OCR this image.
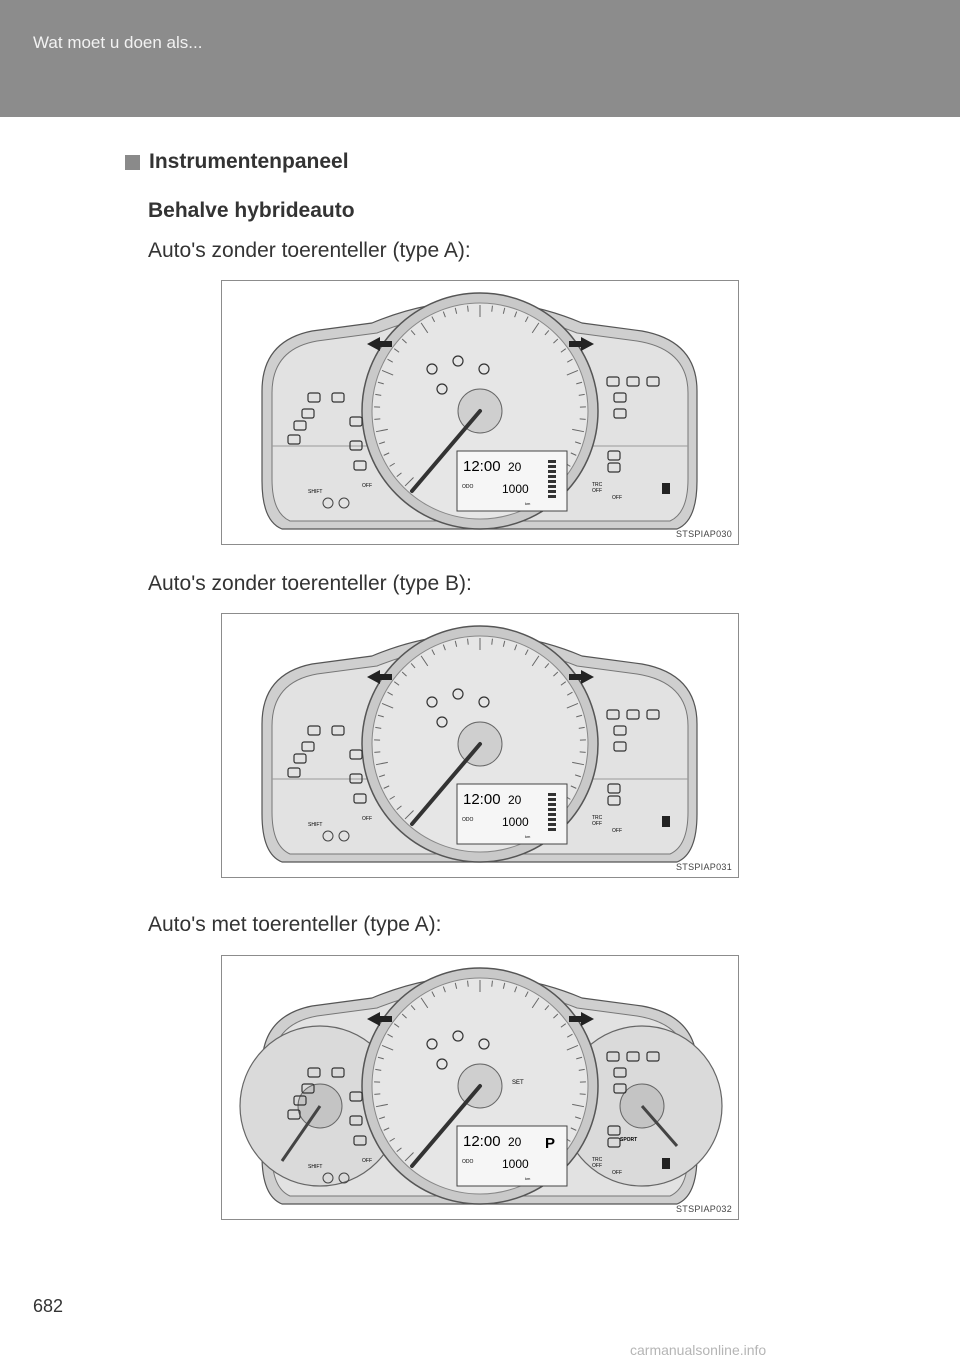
Wat moet u doen als...
Instrumentenpaneel
Behalve hybrideauto
Auto's zonder toerenteller (type A):
12:00 20
ODO 1000
km
SHIFT
TRC
OFF
OFF
OFF
STSPIAP030
Auto's zonder toerenteller (type B):
12:00 20
ODO 1000
km
SHIFT
TRC
OFF
OFF
OFF
STSPIAP031
Auto's met toerenteller (type A):
12:00 20
ODO 1000
km
P
SHIFT
TRC
OFF
OFF
OFF
SPORT
SET
STSPIAP032
682
carmanualsonline.info
